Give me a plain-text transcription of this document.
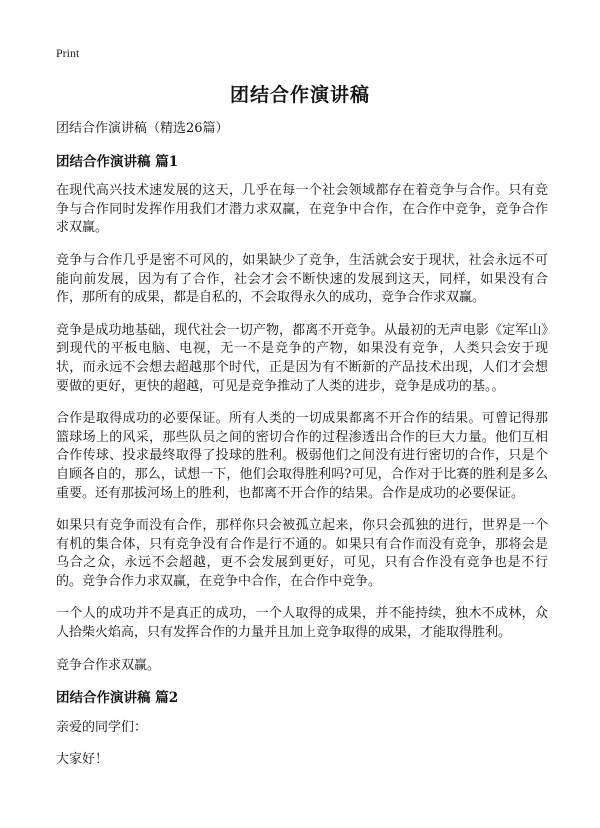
Print
团结合作演讲稿

团结合作演讲稿（精选26篇）

团结合作演讲稿 篇1

在现代高兴技术速发展的这天，几乎在每一个社会领域都存在着竞争与合作。只有竞争与合作同时发挥作用我们才潜力求双赢，在竞争中合作，在合作中竞争，竞争合作求双赢。

竞争与合作几乎是密不可风的，如果缺少了竞争，生活就会安于现状，社会永远不可能向前发展，因为有了合作，社会才会不断快速的发展到这天，同样，如果没有合作，那所有的成果，都是自私的，不会取得永久的成功，竞争合作求双赢。

竞争是成功地基础，现代社会一切产物，都离不开竞争。从最初的无声电影《定军山》到现代的平板电脑、电视，无一不是竞争的产物，如果没有竞争，人类只会安于现状，而永远不会想去超越那个时代，正是因为有不断新的产品技术出现，人们才会想要做的更好，更快的超越，可见是竞争推动了人类的进步，竞争是成功的基。。

合作是取得成功的必要保证。所有人类的一切成果都离不开合作的结果。可曾记得那篮球场上的风采，那些队员之间的密切合作的过程渗透出合作的巨大力量。他们互相合作传球、投求最终取得了投球的胜利。极弱他们之间没有进行密切的合作，只是个自顾各自的，那么，试想一下，他们会取得胜利吗?可见，合作对于比赛的胜利是多么重要。还有那拔河场上的胜利，也都离不开合作的结果。合作是成功的必要保证。

如果只有竞争而没有合作，那样你只会被孤立起来，你只会孤独的进行，世界是一个有机的集合体，只有竞争没有合作是行不通的。如果只有合作而没有竞争，那将会是乌合之众，永远不会超越，更不会发展到更好，可见，只有合作没有竞争也是不行的。竞争合作力求双赢，在竞争中合作，在合作中竞争。

一个人的成功并不是真正的成功，一个人取得的成果，并不能持续，独木不成林，众人拾柴火焰高，只有发挥合作的力量并且加上竞争取得的成果，才能取得胜利。

竞争合作求双赢。

团结合作演讲稿 篇2

亲爱的同学们：

大家好！
